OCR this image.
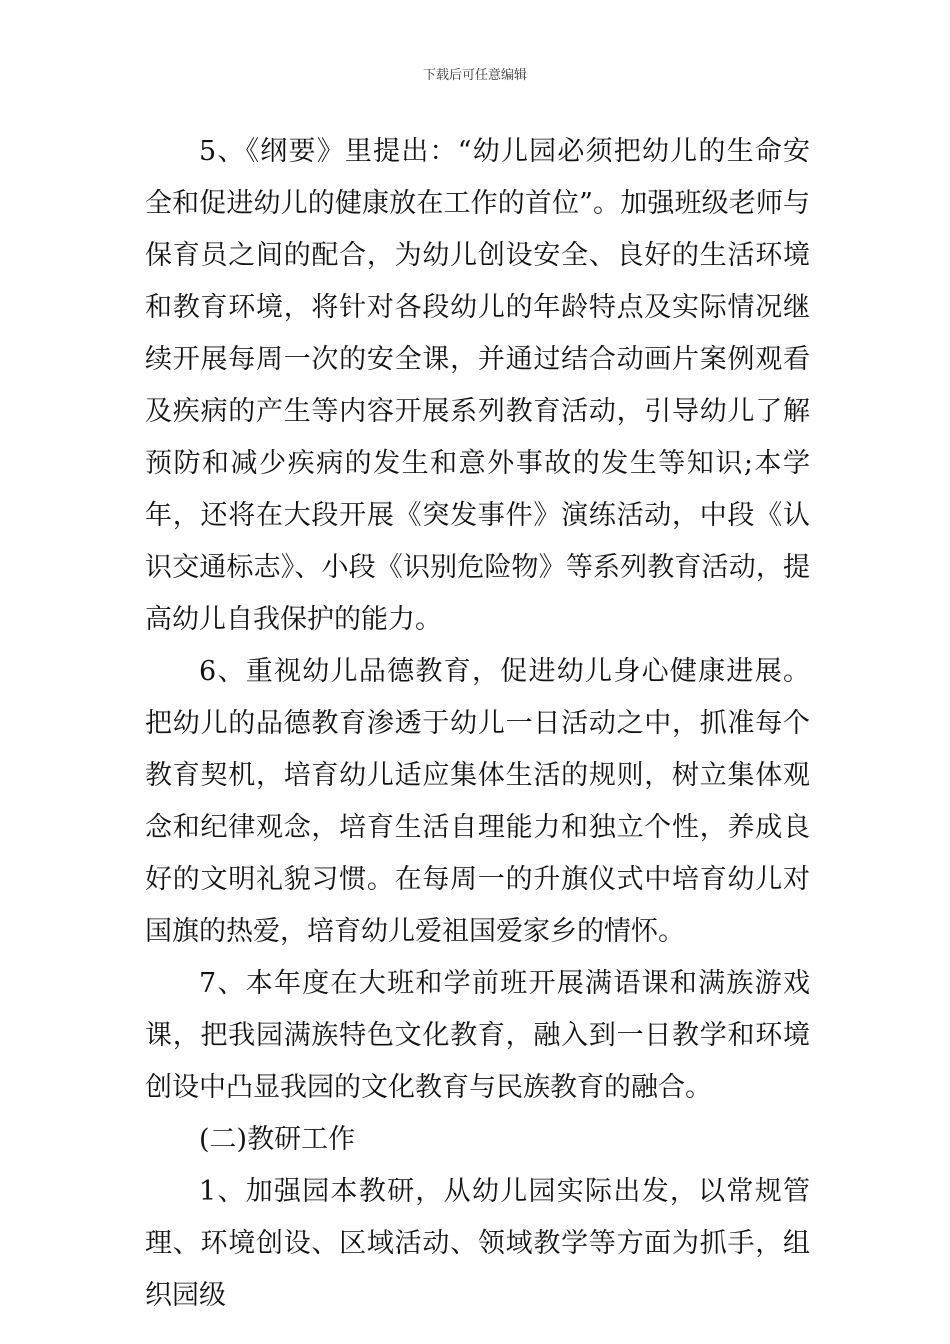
下载后可任意编辑

5、《纲要》里提出：“幼儿园必须把幼儿的生命安全和促进幼儿的健康放在工作的首位”。加强班级老师与保育员之间的配合，为幼儿创设安全、良好的生活环境和教育环境，将针对各段幼儿的年龄特点及实际情况继续开展每周一次的安全课，并通过结合动画片案例观看及疾病的产生等内容开展系列教育活动，引导幼儿了解预防和减少疾病的发生和意外事故的发生等知识;本学年，还将在大段开展《突发事件》演练活动，中段《认识交通标志》、小段《识别危险物》等系列教育活动，提高幼儿自我保护的能力。

6、重视幼儿品德教育，促进幼儿身心健康进展。把幼儿的品德教育渗透于幼儿一日活动之中，抓准每个教育契机，培育幼儿适应集体生活的规则，树立集体观念和纪律观念，培育生活自理能力和独立个性，养成良好的文明礼貌习惯。在每周一的升旗仪式中培育幼儿对国旗的热爱，培育幼儿爱祖国爱家乡的情怀。

7、本年度在大班和学前班开展满语课和满族游戏课，把我园满族特色文化教育，融入到一日教学和环境创设中凸显我园的文化教育与民族教育的融合。

(二)教研工作

1、加强园本教研，从幼儿园实际出发，以常规管理、环境创设、区域活动、领域教学等方面为抓手，组织园级
